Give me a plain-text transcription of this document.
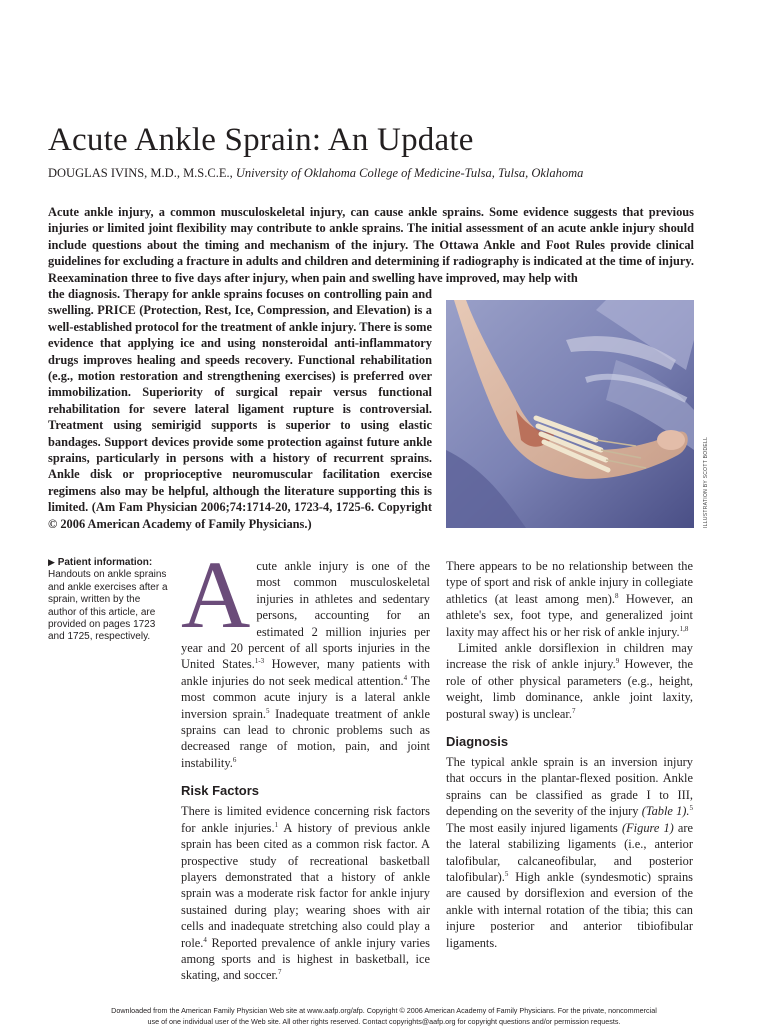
Acute Ankle Sprain: An Update
DOUGLAS IVINS, M.D., M.S.C.E., University of Oklahoma College of Medicine-Tulsa, Tulsa, Oklahoma
Acute ankle injury, a common musculoskeletal injury, can cause ankle sprains. Some evidence suggests that previous injuries or limited joint flexibility may contribute to ankle sprains. The initial assessment of an acute ankle injury should include questions about the timing and mechanism of the injury. The Ottawa Ankle and Foot Rules provide clinical guidelines for excluding a fracture in adults and children and determining if radiography is indicated at the time of injury. Reexamination three to five days after injury, when pain and swelling have improved, may help with
the diagnosis. Therapy for ankle sprains focuses on controlling pain and swelling. PRICE (Protection, Rest, Ice, Compression, and Elevation) is a well-established protocol for the treatment of ankle injury. There is some evidence that applying ice and using nonsteroidal anti-inflammatory drugs improves healing and speeds recovery. Functional rehabilitation (e.g., motion restoration and strengthening exercises) is preferred over immobilization. Superiority of surgical repair versus functional rehabilitation for severe lateral ligament rupture is controversial. Treatment using semirigid supports is superior to using elastic bandages. Support devices provide some protection against future ankle sprains, particularly in persons with a history of recurrent sprains. Ankle disk or proprioceptive neuromuscular facilitation exercise regimens also may be helpful, although the literature supporting this is limited. (Am Fam Physician 2006;74:1714-20, 1723-4, 1725-6. Copyright © 2006 American Academy of Family Physicians.)	ILLUSTRATION BY SCOTT BODELL
▶ Patient information:
Handouts on ankle sprains and ankle exercises after a sprain, written by the author of this article, are provided on pages 1723 and 1725, respectively. Acute ankle injury is one of the most common musculoskeletal injuries in athletes and sedentary persons, accounting for an estimated 2 million injuries per year and 20 percent of all sports injuries in the United States.$^{1-3}$ However, many patients with ankle injuries do not seek medical attention.$^4$ The most common acute injury is a lateral ankle inversion sprain.$^5$ Inadequate treatment of ankle sprains can lead to chronic problems such as decreased range of motion, pain, and joint instability.$^6$

Risk Factors

There is limited evidence concerning risk factors for ankle injuries.$^1$ A history of previous ankle sprain has been cited as a common risk factor. A prospective study of recreational basketball players demonstrated that a history of ankle sprain was a moderate risk factor for ankle injury sustained during play; wearing shoes with air cells and inadequate stretching also could play a role.$^4$ Reported prevalence of ankle injury varies among sports and is highest in basketball, ice skating, and soccer.$^7$

There appears to be no relationship between the type of sport and risk of ankle injury in collegiate athletics (at least among men).$^8$ However, an athlete's sex, foot type, and generalized joint laxity may affect his or her risk of ankle injury.$^{1,8}$

Limited ankle dorsiflexion in children may increase the risk of ankle injury.$^9$ However, the role of other physical parameters (e.g., height, weight, limb dominance, ankle joint laxity, postural sway) is unclear.$^7$

Diagnosis

The typical ankle sprain is an inversion injury that occurs in the plantar-flexed position. Ankle sprains can be classified as grade I to III, depending on the severity of the injury (Table 1).$^5$ The most easily injured ligaments (Figure 1) are the lateral stabilizing ligaments (i.e., anterior talofibular, calcaneofibular, and posterior talofibular).$^5$ High ankle (syndesmotic) sprains are caused by dorsiflexion and eversion of the ankle with internal rotation of the tibia; this can injure posterior and anterior tibiofibular ligaments.

Downloaded from the American Family Physician Web site at www.aafp.org/afp. Copyright © 2006 American Academy of Family Physicians. For the private, noncommercial
use of one individual user of the Web site. All other rights reserved. Contact copyrights@aafp.org for copyright questions and/or permission requests.
